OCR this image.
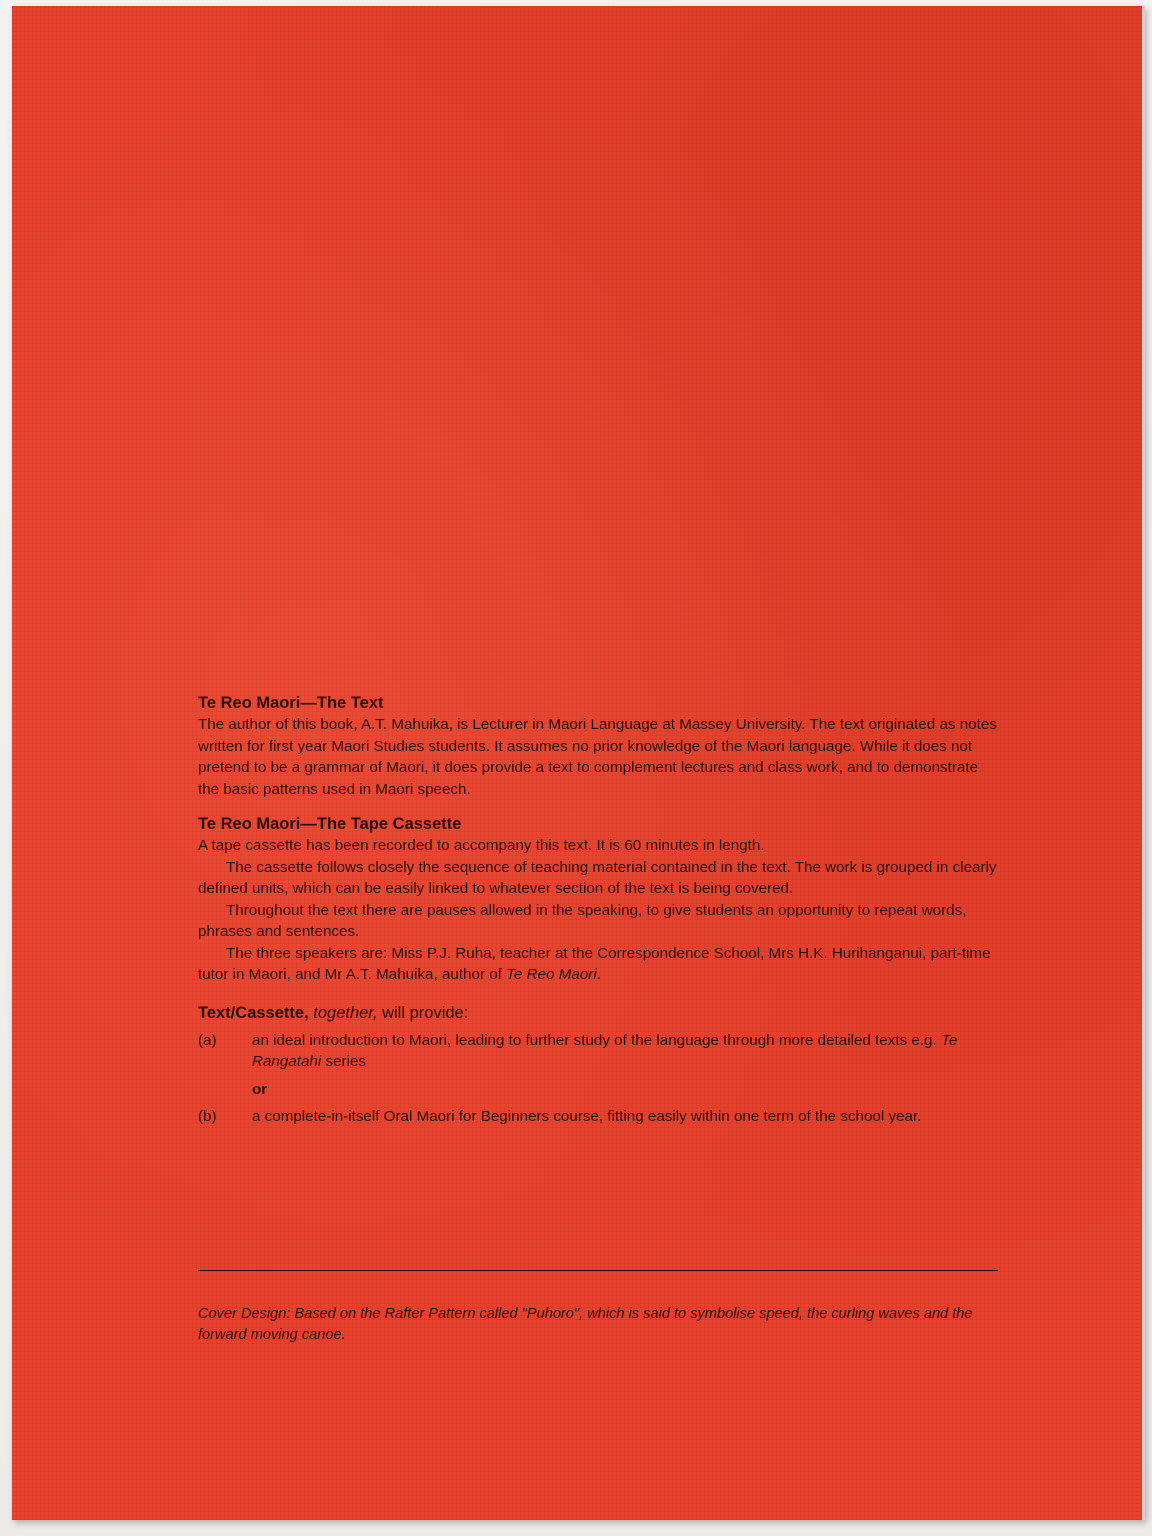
Te Reo Maori—The Text

The author of this book, A.T. Mahuika, is Lecturer in Maori Language at Massey University. The text originated as notes written for first year Maori Studies students. It assumes no prior knowledge of the Maori language. While it does not pretend to be a grammar of Maori, it does provide a text to complement lectures and class work, and to demonstrate the basic patterns used in Maori speech.

Te Reo Maori—The Tape Cassette

A tape cassette has been recorded to accompany this text. It is 60 minutes in length.

The cassette follows closely the sequence of teaching material contained in the text. The work is grouped in clearly defined units, which can be easily linked to whatever section of the text is being covered.

Throughout the text there are pauses allowed in the speaking, to give students an opportunity to repeat words, phrases and sentences.

The three speakers are: Miss P.J. Ruha, teacher at the Correspondence School, Mrs H.K. Hurihanganui, part-time tutor in Maori, and Mr A.T. Mahuika, author of Te Reo Maori.

Text/Cassette, together, will provide:
(a)	an ideal introduction to Maori, leading to further study of the language through more detailed texts e.g. Te Rangatahi series
or
(b)	a complete-in-itself Oral Maori for Beginners course, fitting easily within one term of the school year.
Cover Design: Based on the Rafter Pattern called "Puhoro", which is said to symbolise speed, the curling waves and the forward moving canoe.
